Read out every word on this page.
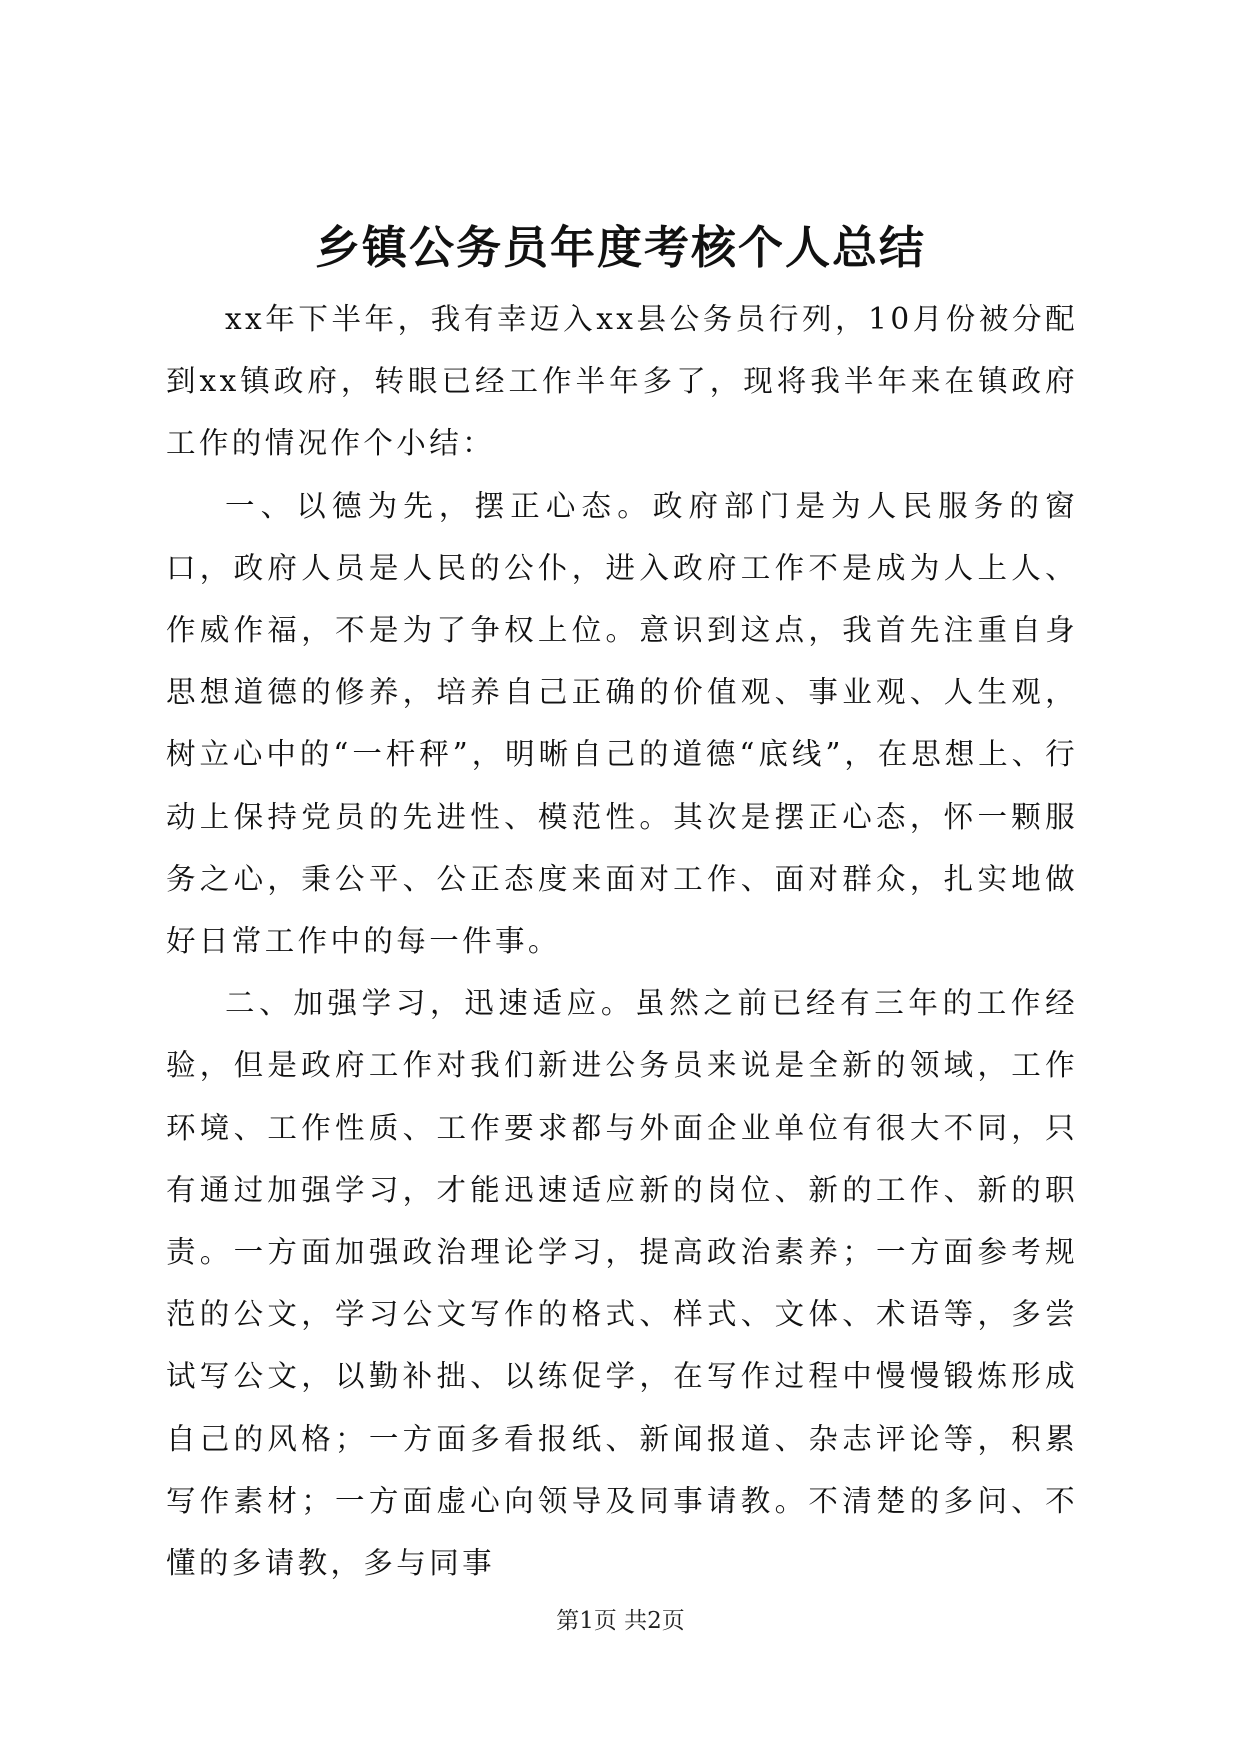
乡镇公务员年度考核个人总结

xx年下半年，我有幸迈入xx县公务员行列，10月份被分配到xx镇政府，转眼已经工作半年多了，现将我半年来在镇政府工作的情况作个小结：

一、以德为先，摆正心态。政府部门是为人民服务的窗口，政府人员是人民的公仆，进入政府工作不是成为人上人、作威作福，不是为了争权上位。意识到这点，我首先注重自身思想道德的修养，培养自己正确的价值观、事业观、人生观，树立心中的“一杆秤”，明晰自己的道德“底线”，在思想上、行动上保持党员的先进性、模范性。其次是摆正心态，怀一颗服务之心，秉公平、公正态度来面对工作、面对群众，扎实地做好日常工作中的每一件事。

二、加强学习，迅速适应。虽然之前已经有三年的工作经验，但是政府工作对我们新进公务员来说是全新的领域，工作环境、工作性质、工作要求都与外面企业单位有很大不同，只有通过加强学习，才能迅速适应新的岗位、新的工作、新的职责。一方面加强政治理论学习，提高政治素养；一方面参考规范的公文，学习公文写作的格式、样式、文体、术语等，多尝试写公文，以勤补拙、以练促学，在写作过程中慢慢锻炼形成自己的风格；一方面多看报纸、新闻报道、杂志评论等，积累写作素材；一方面虚心向领导及同事请教。不清楚的多问、不懂的多请教，多与同事

第1页 共2页
